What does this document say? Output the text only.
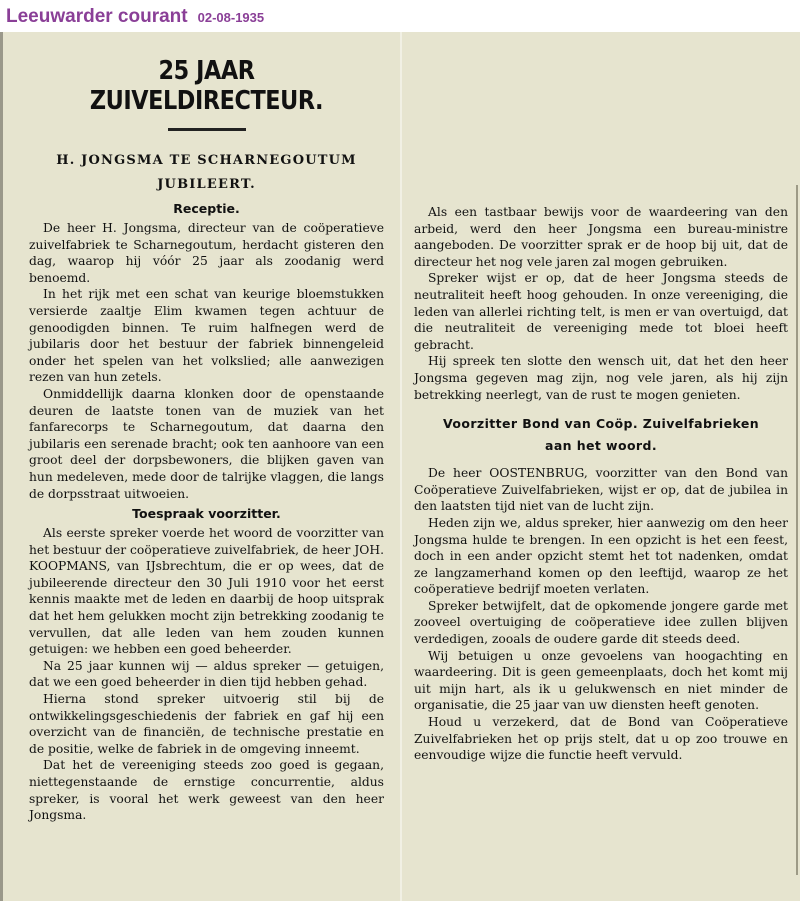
Leeuwarder courant 02-08-1935
25 JAAR ZUIVELDIRECTEUR.
H. JONGSMA TE SCHARNEGOUTUM
JUBILEERT.
Receptie.

De heer H. Jongsma, directeur van de coöperatieve zuivelfabriek te Scharnegoutum, herdacht gisteren den dag, waarop hij vóór 25 jaar als zoodanig werd benoemd.

In het rijk met een schat van keurige bloemstukken versierde zaaltje Elim kwamen tegen achtuur de genoodigden binnen. Te ruim halfnegen werd de jubilaris door het bestuur der fabriek binnengeleid onder het spelen van het volkslied; alle aanwezigen rezen van hun zetels.

Onmiddellijk daarna klonken door de openstaande deuren de laatste tonen van de muziek van het fanfarecorps te Scharnegoutum, dat daarna den jubilaris een serenade bracht; ook ten aanhoore van een groot deel der dorpsbewoners, die blijken gaven van hun medeleven, mede door de talrijke vlaggen, die langs de dorpsstraat uitwoeien.

Toespraak voorzitter.

Als eerste spreker voerde het woord de voorzitter van het bestuur der coöperatieve zuivelfabriek, de heer JOH. KOOPMANS, van IJsbrechtum, die er op wees, dat de jubileerende directeur den 30 Juli 1910 voor het eerst kennis maakte met de leden en daarbij de hoop uitsprak dat het hem gelukken mocht zijn betrekking zoodanig te vervullen, dat alle leden van hem zouden kunnen getuigen: we hebben een goed beheerder.

Na 25 jaar kunnen wij — aldus spreker — getuigen, dat we een goed beheerder in dien tijd hebben gehad.

Hierna stond spreker uitvoerig stil bij de ontwikkelingsgeschiedenis der fabriek en gaf hij een overzicht van de financiën, de technische prestatie en de positie, welke de fabriek in de omgeving inneemt.

Dat het de vereeniging steeds zoo goed is gegaan, niettegenstaande de ernstige concurrentie, aldus spreker, is vooral het werk geweest van den heer Jongsma.

Als een tastbaar bewijs voor de waardeering van den arbeid, werd den heer Jongsma een bureau-ministre aangeboden. De voorzitter sprak er de hoop bij uit, dat de directeur het nog vele jaren zal mogen gebruiken.

Spreker wijst er op, dat de heer Jongsma steeds de neutraliteit heeft hoog gehouden. In onze vereeniging, die leden van allerlei richting telt, is men er van overtuigd, dat die neutraliteit de vereeniging mede tot bloei heeft gebracht.

Hij spreek ten slotte den wensch uit, dat het den heer Jongsma gegeven mag zijn, nog vele jaren, als hij zijn betrekking neerlegt, van de rust te mogen genieten.

Voorzitter Bond van Coöp. Zuivelfabrieken
aan het woord.

De heer OOSTENBRUG, voorzitter van den Bond van Coöperatieve Zuivelfabrieken, wijst er op, dat de jubilea in den laatsten tijd niet van de lucht zijn.

Heden zijn we, aldus spreker, hier aanwezig om den heer Jongsma hulde te brengen. In een opzicht is het een feest, doch in een ander opzicht stemt het tot nadenken, omdat ze langzamerhand komen op den leeftijd, waarop ze het coöperatieve bedrijf moeten verlaten.

Spreker betwijfelt, dat de opkomende jongere garde met zooveel overtuiging de coöperatieve idee zullen blijven verdedigen, zooals de oudere garde dit steeds deed.

Wij betuigen u onze gevoelens van hoogachting en waardeering. Dit is geen gemeenplaats, doch het komt mij uit mijn hart, als ik u gelukwensch en niet minder de organisatie, die 25 jaar van uw diensten heeft genoten.

Houd u verzekerd, dat de Bond van Coöperatieve Zuivelfabrieken het op prijs stelt, dat u op zoo trouwe en eenvoudige wijze die functie heeft vervuld.
